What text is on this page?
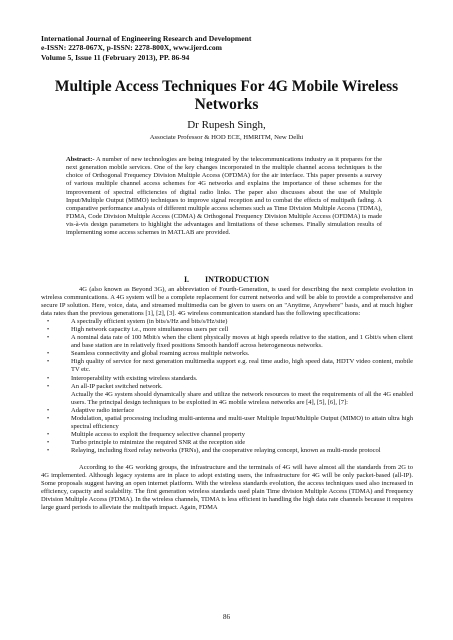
International Journal of Engineering Research and Development
e-ISSN: 2278-067X, p-ISSN: 2278-800X, www.ijerd.com
Volume 5, Issue 11 (February 2013), PP. 86-94
Multiple Access Techniques For 4G Mobile Wireless Networks
Dr Rupesh Singh,
Associate Professor & HOD ECE, HMRITM, New Delhi
Abstract:- A number of new technologies are being integrated by the telecommunications industry as it prepares for the next generation mobile services. One of the key changes incorporated in the multiple channel access techniques is the choice of Orthogonal Frequency Division Multiple Access (OFDMA) for the air interface. This paper presents a survey of various multiple channel access schemes for 4G networks and explains the importance of these schemes for the improvement of spectral efficiencies of digital radio links. The paper also discusses about the use of Multiple Input/Multiple Output (MIMO) techniques to improve signal reception and to combat the effects of multipath fading. A comparative performance analysis of different multiple access schemes such as Time Division Multiple Access (TDMA), FDMA, Code Division Multiple Access (CDMA) & Orthogonal Frequency Division Multiple Access (OFDMA) is made vis-à-vis design parameters to highlight the advantages and limitations of these schemes. Finally simulation results of implementing some access schemes in MATLAB are provided.
I.        INTRODUCTION

4G (also known as Beyond 3G), an abbreviation of Fourth-Generation, is used for describing the next complete evolution in wireless communications. A 4G system will be a complete replacement for current networks and will be able to provide a comprehensive and secure IP solution. Here, voice, data, and streamed multimedia can be given to users on an "Anytime, Anywhere" basis, and at much higher data rates than the previous generations [1], [2], [3]. 4G wireless communication standard has the following specifications:

•	A spectrally efficient system (in bits/s/Hz and bits/s/Hz/site)
•	High network capacity i.e., more simultaneous users per cell
•	A nominal data rate of 100 Mbit/s when the client physically moves at high speeds relative to the station, and 1 Gbit/s when client and base station are in relatively fixed positions Smooth handoff across heterogeneous networks.
•	Seamless connectivity and global roaming across multiple networks.
•	High quality of service for next generation multimedia support e.g. real time audio, high speed data, HDTV video content, mobile TV etc.
•	Interoperability with existing wireless standards.
•	An all-IP packet switched network.
Actually the 4G system should dynamically share and utilize the network resources to meet the requirements of all the 4G enabled users. The principal design techniques to be exploited in 4G mobile wireless networks are [4], [5], [6], [7]:
•	Adaptive radio interface
•	Modulation, spatial processing including multi-antenna and multi-user Multiple Input/Multiple Output (MIMO) to attain ultra high spectral efficiency
•	Multiple access to exploit the frequency selective channel property
•	Turbo principle to minimize the required SNR at the reception side
•	Relaying, including fixed relay networks (FRNs), and the cooperative relaying concept, known as multi-mode protocol

According to the 4G working groups, the infrastructure and the terminals of 4G will have almost all the standards from 2G to 4G implemented. Although legacy systems are in place to adopt existing users, the infrastructure for 4G will be only packet-based (all-IP). Some proposals suggest having an open internet platform. With the wireless standards evolution, the access techniques used also increased in efficiency, capacity and scalability. The first generation wireless standards used plain Time division Multiple Access (TDMA) and Frequency Division Multiple Access (FDMA). In the wireless channels, TDMA is less efficient in handling the high data rate channels because it requires large guard periods to alleviate the multipath impact. Again, FDMA

86
